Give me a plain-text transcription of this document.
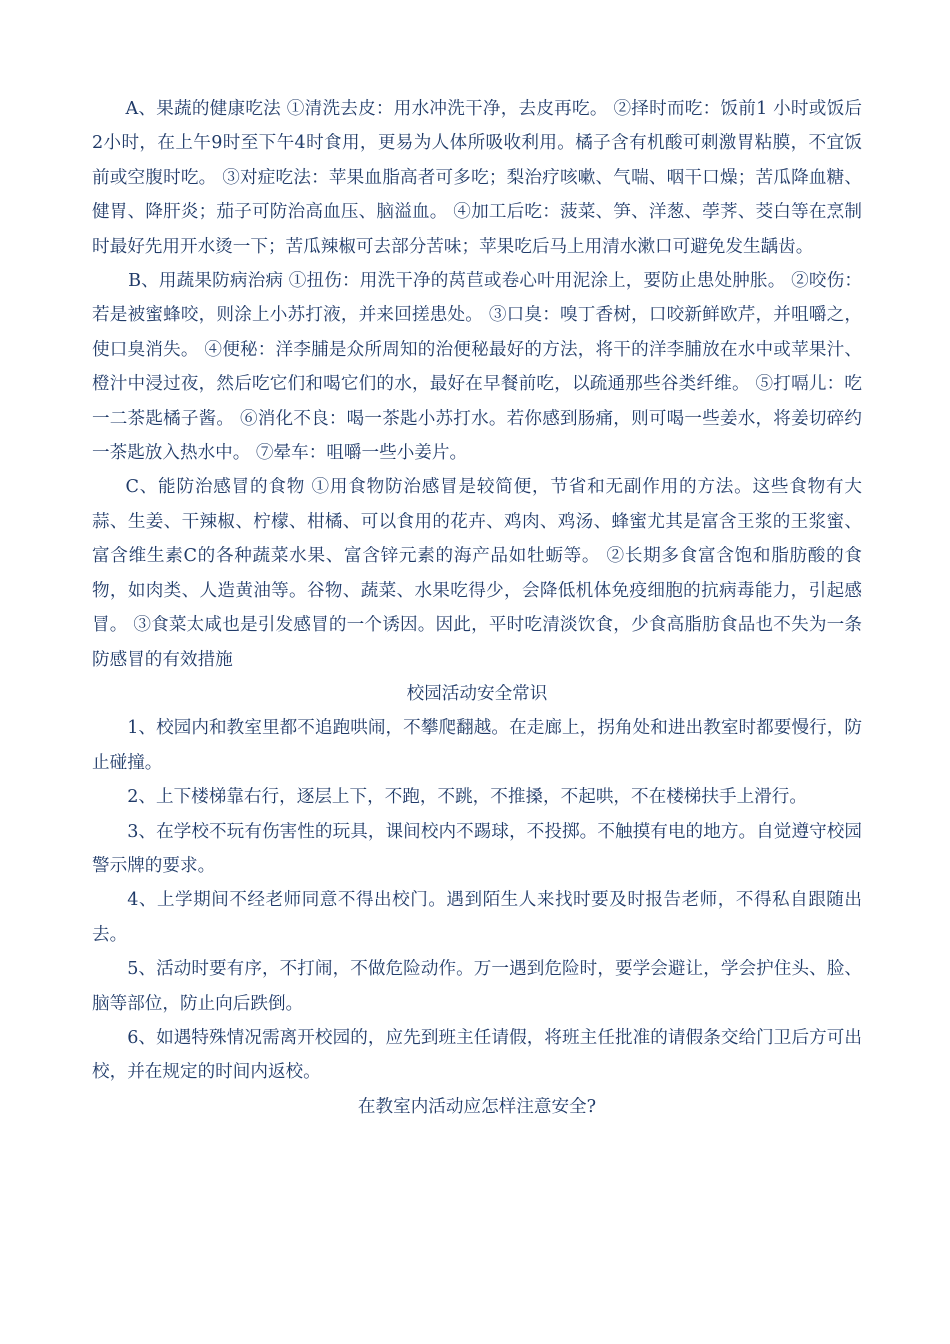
A、果蔬的健康吃法 ①清洗去皮：用水冲洗干净，去皮再吃。 ②择时而吃：饭前1 小时或饭后2小时，在上午9时至下午4时食用，更易为人体所吸收利用。橘子含有机酸可刺激胃粘膜，不宜饭前或空腹时吃。 ③对症吃法：苹果血脂高者可多吃；梨治疗咳嗽、气喘、咽干口燥；苦瓜降血糖、健胃、降肝炎；茄子可防治高血压、脑溢血。 ④加工后吃：菠菜、笋、洋葱、荸荠、茭白等在烹制时最好先用开水烫一下；苦瓜辣椒可去部分苦味；苹果吃后马上用清水漱口可避免发生龋齿。

B、用蔬果防病治病 ①扭伤：用洗干净的莴苣或卷心叶用泥涂上，要防止患处肿胀。 ②咬伤：若是被蜜蜂咬，则涂上小苏打液，并来回搓患处。 ③口臭：嗅丁香树，口咬新鲜欧芹，并咀嚼之，使口臭消失。 ④便秘：洋李脯是众所周知的治便秘最好的方法，将干的洋李脯放在水中或苹果汁、橙汁中浸过夜，然后吃它们和喝它们的水，最好在早餐前吃，以疏通那些谷类纤维。 ⑤打嗝儿：吃一二茶匙橘子酱。 ⑥消化不良：喝一茶匙小苏打水。若你感到肠痛，则可喝一些姜水，将姜切碎约一茶匙放入热水中。 ⑦晕车：咀嚼一些小姜片。

C、能防治感冒的食物 ①用食物防治感冒是较简便，节省和无副作用的方法。这些食物有大蒜、生姜、干辣椒、柠檬、柑橘、可以食用的花卉、鸡肉、鸡汤、蜂蜜尤其是富含王浆的王浆蜜、富含维生素C的各种蔬菜水果、富含锌元素的海产品如牡蛎等。 ②长期多食富含饱和脂肪酸的食物，如肉类、人造黄油等。谷物、蔬菜、水果吃得少，会降低机体免疫细胞的抗病毒能力，引起感冒。 ③食菜太咸也是引发感冒的一个诱因。因此，平时吃清淡饮食，少食高脂肪食品也不失为一条防感冒的有效措施

校园活动安全常识

1、校园内和教室里都不追跑哄闹，不攀爬翻越。在走廊上，拐角处和进出教室时都要慢行，防止碰撞。

2、上下楼梯靠右行，逐层上下，不跑，不跳，不推搡，不起哄，不在楼梯扶手上滑行。

3、在学校不玩有伤害性的玩具，课间校内不踢球，不投掷。不触摸有电的地方。自觉遵守校园警示牌的要求。

4、上学期间不经老师同意不得出校门。遇到陌生人来找时要及时报告老师，不得私自跟随出去。

5、活动时要有序，不打闹，不做危险动作。万一遇到危险时，要学会避让，学会护住头、脸、脑等部位，防止向后跌倒。

6、如遇特殊情况需离开校园的，应先到班主任请假，将班主任批准的请假条交给门卫后方可出校，并在规定的时间内返校。

在教室内活动应怎样注意安全?
